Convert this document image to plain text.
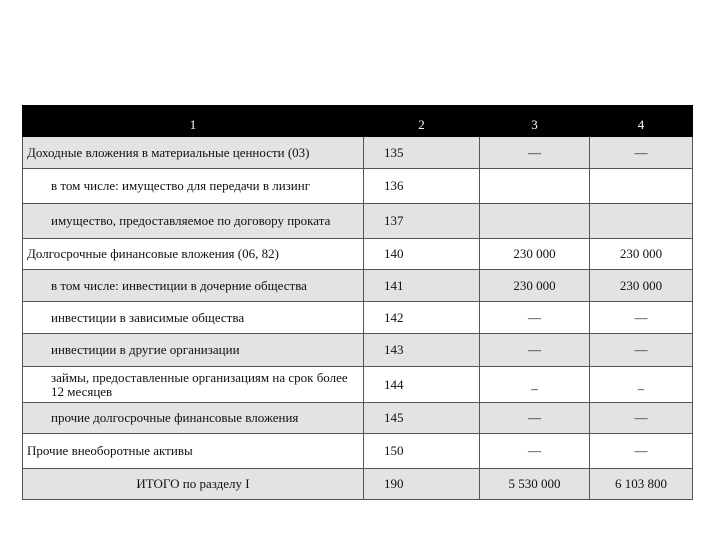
1	2	3	4
Доходные вложения в материальные ценности (03)	135	—	—
в том числе: имущество для передачи в лизинг	136		
имущество, предоставляемое по договору проката	137		
Долгосрочные финансовые вложения (06, 82)	140	230 000	230 000
в том числе: инвестиции в дочерние общества	141	230 000	230 000
инвестиции в зависимые общества	142	—	—
инвестиции в другие организации	143	—	—
займы, предоставленные организациям на срок более 12 месяцев	144	–	–
прочие долгосрочные финансовые вложения	145	—	—
Прочие внеоборотные активы	150	—	—
ИТОГО по разделу I	190	5 530 000	6 103 800
